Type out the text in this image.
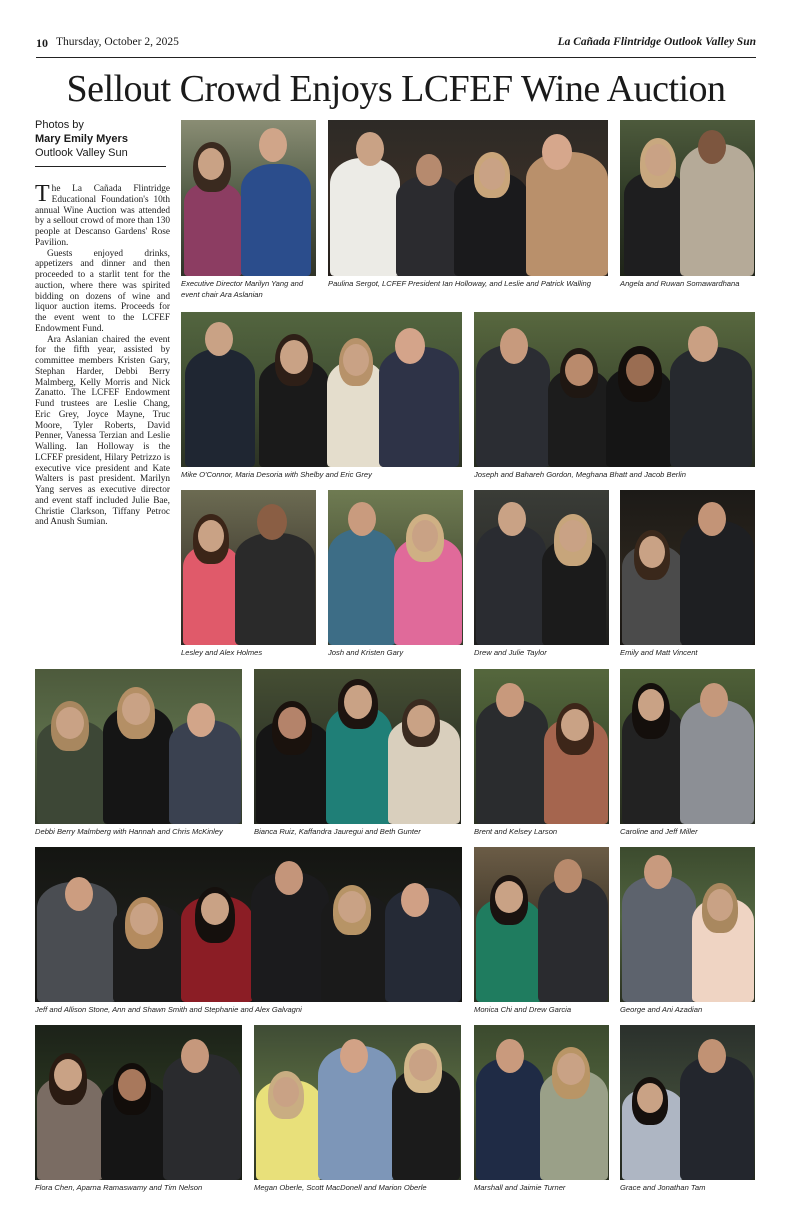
10 Thursday, October 2, 2025	La Cañada Flintridge Outlook Valley Sun
Sellout Crowd Enjoys LCFEF Wine Auction
Photos by
Mary Emily Myers
Outlook Valley Sun

The La Cañada Flintridge Educational Foundation's 10th annual Wine Auction was attended by a sellout crowd of more than 130 people at Descanso Gardens' Rose Pavilion.

Guests enjoyed drinks, appetizers and dinner and then proceeded to a starlit tent for the auction, where there was spirited bidding on dozens of wine and liquor auction items. Proceeds for the event went to the LCFEF Endowment Fund.

Ara Aslanian chaired the event for the fifth year, assisted by committee members Kristen Gary, Stephan Harder, Debbi Berry Malmberg, Kelly Morris and Nick Zanatto. The LCFEF Endowment Fund trustees are Leslie Chang, Eric Grey, Joyce Mayne, Truc Moore, Tyler Roberts, David Penner, Vanessa Terzian and Leslie Walling. Ian Holloway is the LCFEF president, Hilary Petrizzo is executive vice president and Kate Walters is past president. Marilyn Yang serves as executive director and event staff included Julie Bae, Christie Clarkson, Tiffany Petroc and Anush Sumian.

Executive Director Marilyn Yang and event chair Ara Aslanian
Paulina Sergot, LCFEF President Ian Holloway, and Leslie and Patrick Walling	Angela and Ruwan Somawardhana
Mike O'Connor, Maria Desoria with Shelby and Eric Grey	Joseph and Bahareh Gordon, Meghana Bhatt and Jacob Berlin
Lesley and Alex Holmes	Josh and Kristen Gary	Drew and Julie Taylor	Emily and Matt Vincent
Debbi Berry Malmberg with Hannah and Chris McKinley	Bianca Ruiz, Kaffandra Jauregui and Beth Gunter	Brent and Kelsey Larson	Caroline and Jeff Miller
Jeff and Allison Stone, Ann and Shawn Smith and Stephanie and Alex Galvagni	Monica Chi and Drew Garcia	George and Ani Azadian
Flora Chen, Aparna Ramaswamy and Tim Nelson	Megan Oberle, Scott MacDonell and Marion Oberle	Marshall and Jaimie Turner	Grace and Jonathan Tam
